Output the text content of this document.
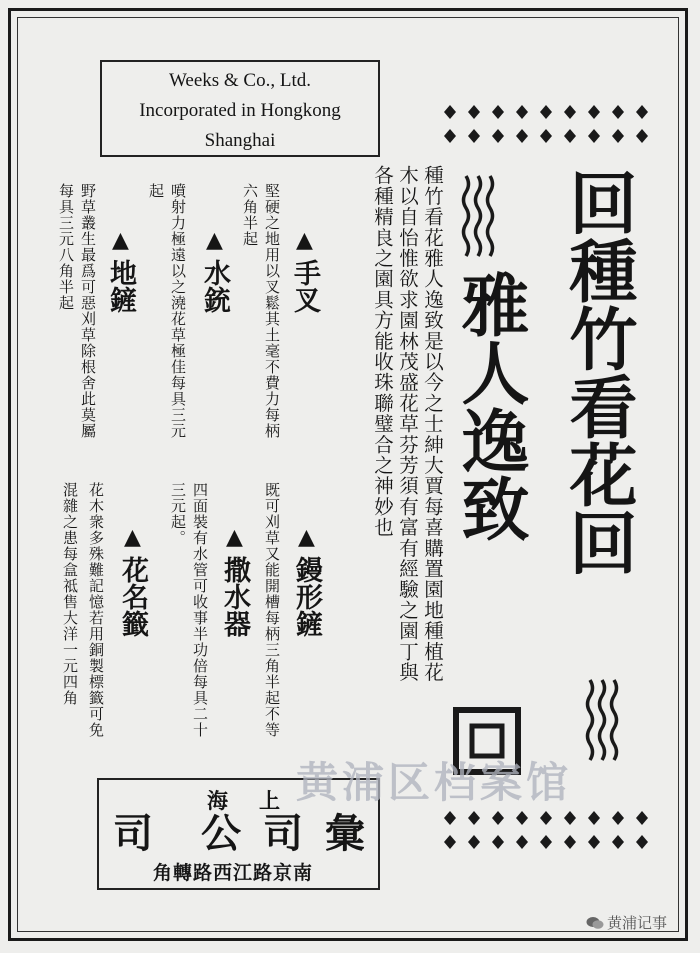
Weeks & Co., Ltd.
Incorporated in Hongkong
Shanghai
回種竹看花回
雅人逸致
種竹看花雅人逸致是以今之士紳大賈每喜購置園地種植花
木以自怡惟欲求園林茂盛花草芬芳須有富有經驗之園丁與
各種精良之園具方能收珠聯璧合之神妙也
▲手叉
堅硬之地用以叉鬆其土毫不費力每柄
六角半起
▲水銃
噴射力極遠以之澆花草極佳每具三元
起
▲地鏟
野草叢生最爲可惡刈草除根舍此莫屬
每具三元八角半起
▲鏝形鏟
既可刈草又能開槽每柄三角半起不等
▲撒水器
四面裝有水管可收事半功倍每具二十
三元起。
▲花名籤
花木衆多殊難記憶若用銅製標籤可免
混雜之患每盒祗售大洋一元四角
上
海
彙
司
公
司
南京路江西路轉角
黄浦区档案馆
黄浦记事
